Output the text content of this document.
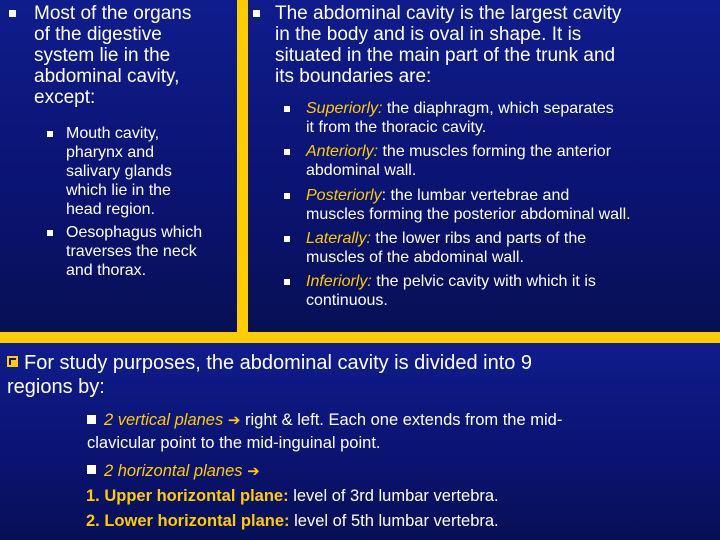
Most of the organs
of the digestive
system lie in the
abdominal cavity,
except:
Mouth cavity,
pharynx and
salivary glands
which lie in the
head region.
Oesophagus which
traverses the neck
and thorax.
The abdominal cavity is the largest cavity
in the body and is oval in shape. It is
situated in the main part of the trunk and
its boundaries are:
Superiorly: the diaphragm, which separates
it from the thoracic cavity.
Anteriorly: the muscles forming the anterior
abdominal wall.
Posteriorly: the lumbar vertebrae and
muscles forming the posterior abdominal wall.
Laterally: the lower ribs and parts of the
muscles of the abdominal wall.
Inferiorly: the pelvic cavity with which it is
continuous.
For study purposes, the abdominal cavity is divided into 9
regions by:
2 vertical planes ➔ right & left. Each one extends from the mid-
clavicular point to the mid-inguinal point.
2 horizontal planes ➔
1. Upper horizontal plane: level of 3rd lumbar vertebra.
2. Lower horizontal plane: level of 5th lumbar vertebra.
